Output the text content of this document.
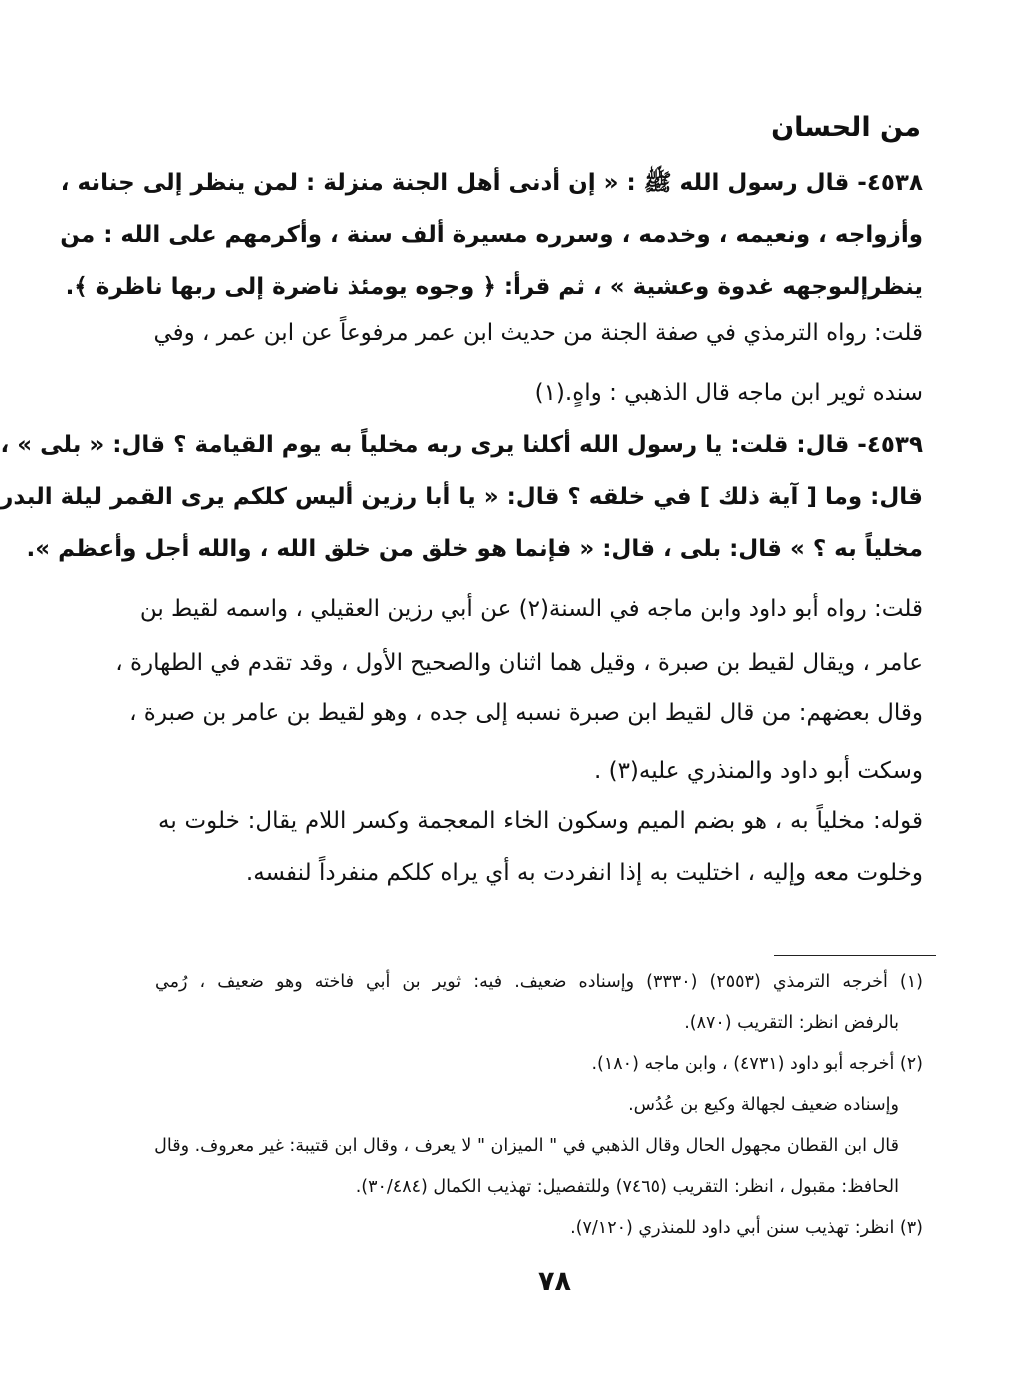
من الحسان
٤٥٣٨- قال رسول الله ﷺ : « إن أدنى أهل الجنة منزلة : لمن ينظر إلى جنانه ،
وأزواجه ، ونعيمه ، وخدمه ، وسرره مسيرة ألف سنة ، وأكرمهم على الله : من
ينظرإلىوجهه غدوة وعشية » ، ثم قرأ: ﴿ وجوه يومئذ ناضرة إلى ربها ناظرة ﴾.
قلت: رواه الترمذي في صفة الجنة من حديث ابن عمر مرفوعاً عن ابن عمر ، وفي
سنده ثوير ابن ماجه قال الذهبي : واهٍ.(١)
٤٥٣٩- قال: قلت: يا رسول الله أكلنا يرى ربه مخلياً به يوم القيامة ؟ قال: « بلى » ،
قال: وما [ آية ذلك ] في خلقه ؟ قال: « يا أبا رزين أليس كلكم يرى القمر ليلة البدر
مخلياً به ؟ » قال: بلى ، قال: « فإنما هو خلق من خلق الله ، والله أجل وأعظم ».
قلت: رواه أبو داود وابن ماجه في السنة(٢) عن أبي رزين العقيلي ، واسمه لقيط بن
عامر ، ويقال لقيط بن صبرة ، وقيل هما اثنان والصحيح الأول ، وقد تقدم في الطهارة ،
وقال بعضهم: من قال لقيط ابن صبرة نسبه إلى جده ، وهو لقيط بن عامر بن صبرة ،
وسكت أبو داود والمنذري عليه(٣) .
قوله: مخلياً به ، هو بضم الميم وسكون الخاء المعجمة وكسر اللام يقال: خلوت به
وخلوت معه وإليه ، اختليت به إذا انفردت به أي يراه كلكم منفرداً لنفسه.
(١) أخرجه الترمذي (٢٥٥٣) (٣٣٣٠) وإسناده ضعيف. فيه: ثوير بن أبي فاخته وهو ضعيف ، رُمي
بالرفض انظر: التقريب (٨٧٠).
(٢) أخرجه أبو داود (٤٧٣١) ، وابن ماجه (١٨٠).
وإسناده ضعيف لجهالة وكيع بن عُدُس.
قال ابن القطان مجهول الحال وقال الذهبي في " الميزان " لا يعرف ، وقال ابن قتيبة: غير معروف. وقال
الحافظ: مقبول ، انظر: التقريب (٧٤٦٥) وللتفصيل: تهذيب الكمال (٣٠/٤٨٤).
(٣) انظر: تهذيب سنن أبي داود للمنذري (٧/١٢٠).
٧٨
